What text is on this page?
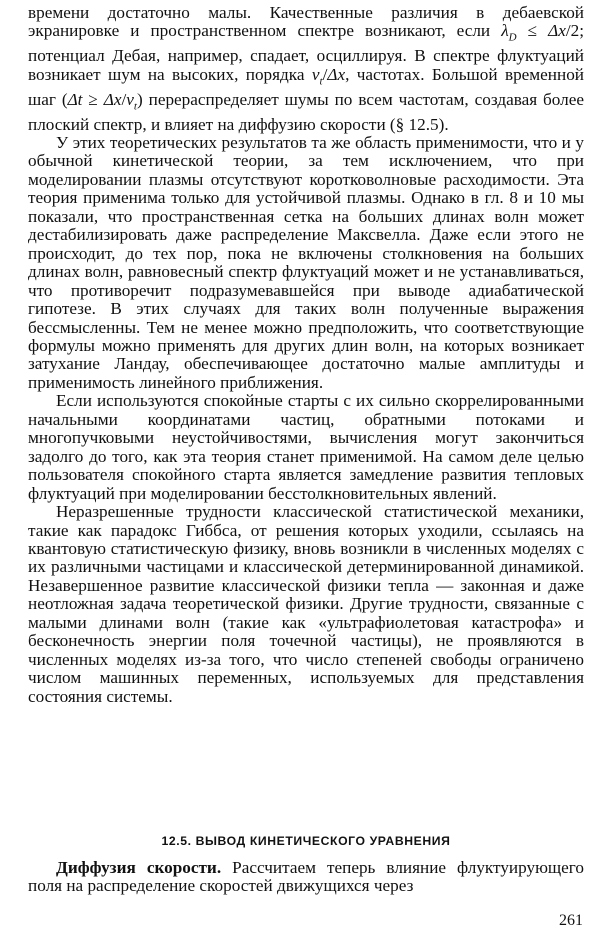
времени достаточно малы. Качественные различия в дебаевской экранировке и пространственном спектре возникают, если $\lambda_D \le \Delta x/2$; потенциал Дебая, например, спадает, осциллируя. В спектре флуктуаций возникает шум на высоких, порядка $v_t/\Delta x$, частотах. Большой временной шаг $(\Delta t \ge \Delta x/v_t)$ перераспределяет шумы по всем частотам, создавая более плоский спектр, и влияет на диффузию скорости (§ 12.5).

У этих теоретических результатов та же область применимости, что и у обычной кинетической теории, за тем исключением, что при моделировании плазмы отсутствуют коротковолновые расходимости. Эта теория применима только для устойчивой плазмы. Однако в гл. 8 и 10 мы показали, что пространственная сетка на больших длинах волн может дестабилизировать даже распределение Максвелла. Даже если этого не происходит, до тех пор, пока не включены столкновения на больших длинах волн, равновесный спектр флуктуаций может и не устанавливаться, что противоречит подразумевавшейся при выводе адиабатической гипотезе. В этих случаях для таких волн полученные выражения бессмысленны. Тем не менее можно предположить, что соответствующие формулы можно применять для других длин волн, на которых возникает затухание Ландау, обеспечивающее достаточно малые амплитуды и применимость линейного приближения.

Если используются спокойные старты с их сильно скоррелированными начальными координатами частиц, обратными потоками и многопучковыми неустойчивостями, вычисления могут закончиться задолго до того, как эта теория станет применимой. На самом деле целью пользователя спокойного старта является замедление развития тепловых флуктуаций при моделировании бесстолкновительных явлений.

Неразрешенные трудности классической статистической механики, такие как парадокс Гиббса, от решения которых уходили, ссылаясь на квантовую статистическую физику, вновь возникли в численных моделях с их различными частицами и классической детерминированной динамикой. Незавершенное развитие классической физики тепла — законная и даже неотложная задача теоретической физики. Другие трудности, связанные с малыми длинами волн (такие как «ультрафиолетовая катастрофа» и бесконечность энергии поля точечной частицы), не проявляются в численных моделях из-за того, что число степеней свободы ограничено числом машинных переменных, используемых для представления состояния системы.

12.5. ВЫВОД КИНЕТИЧЕСКОГО УРАВНЕНИЯ

Диффузия скорости. Рассчитаем теперь влияние флуктуирующего поля на распределение скоростей движущихся через

261
